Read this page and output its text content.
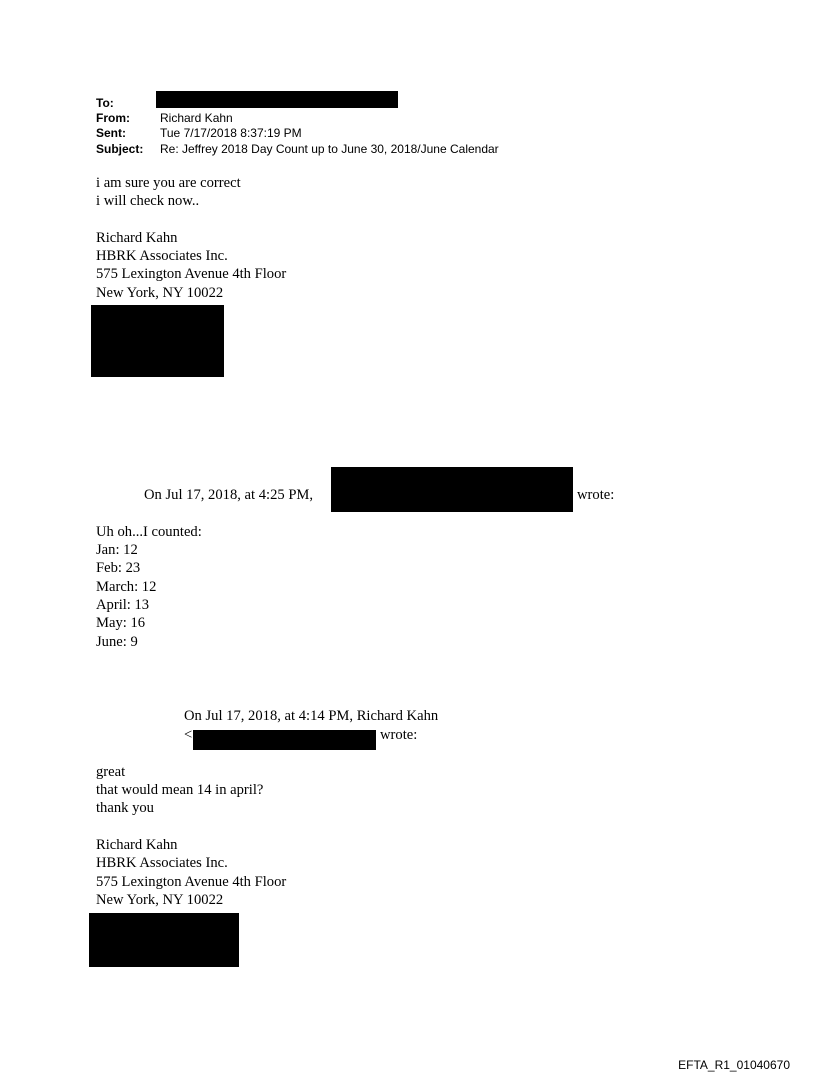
To:
From:	Richard Kahn
Sent:	Tue 7/17/2018 8:37:19 PM
Subject: Re: Jeffrey 2018 Day Count up to June 30, 2018/June Calendar
i am sure you are correct
i will check now..
Richard Kahn
HBRK Associates Inc.
575 Lexington Avenue 4th Floor
New York, NY 10022
On Jul 17, 2018, at 4:25 PM,	wrote:
Uh oh...I counted:
Jan: 12
Feb: 23
March: 12
April: 13
May: 16
June: 9
On Jul 17, 2018, at 4:14 PM, Richard Kahn
<	wrote:
great
that would mean 14 in april?
thank you
Richard Kahn
HBRK Associates Inc.
575 Lexington Avenue 4th Floor
New York, NY 10022
EFTA_R1_01040670
